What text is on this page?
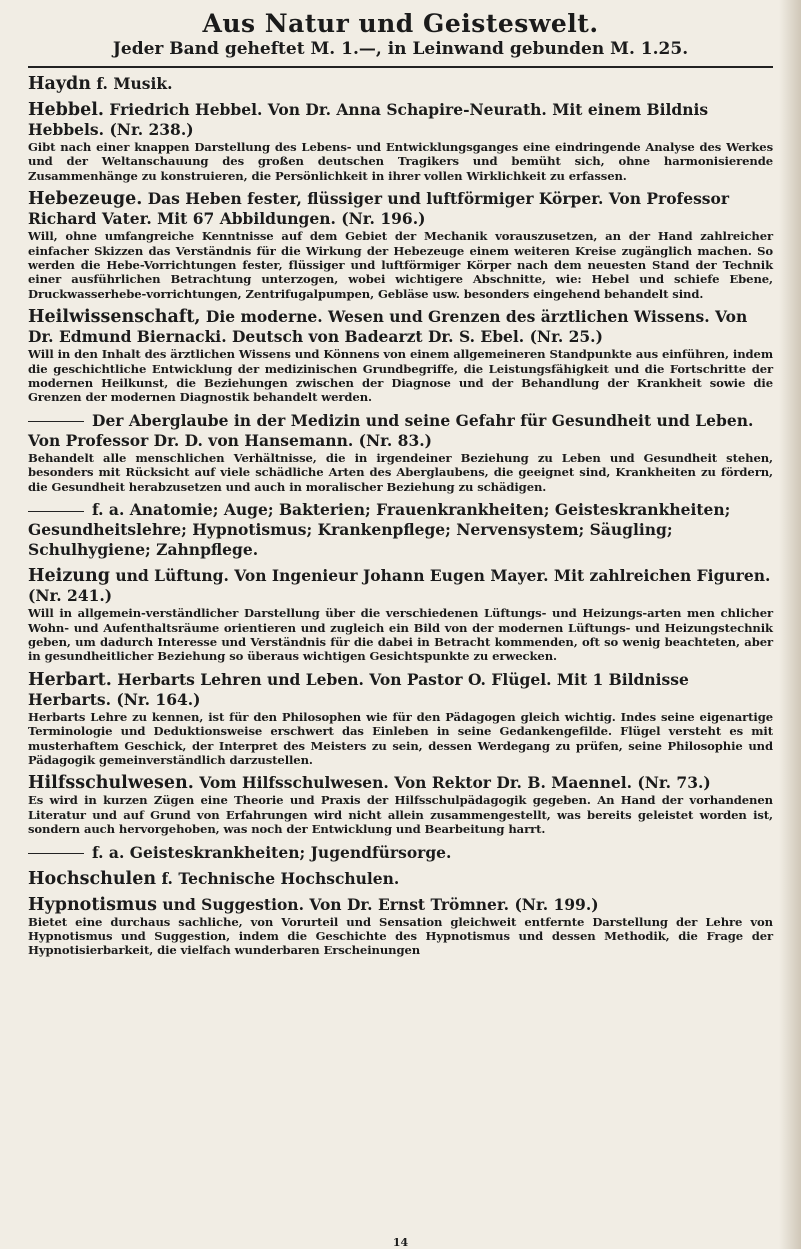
Aus Natur und Geisteswelt.
Jeder Band geheftet M. 1.—, in Leinwand gebunden M. 1.25.
Haydn f. Musik.
Hebbel. Friedrich Hebbel. Von Dr. Anna Schapire-Neurath. Mit einem Bildnis Hebbels. (Nr. 238.)
Gibt nach einer knappen Darstellung des Lebens- und Entwicklungsganges eine eindringende Analyse des Werkes und der Weltanschauung des großen deutschen Tragikers und bemüht sich, ohne harmonisierende Zusammenhänge zu konstruieren, die Persönlichkeit in ihrer vollen Wirklichkeit zu erfassen.
Hebezeuge. Das Heben fester, flüssiger und luftförmiger Körper. Von Professor Richard Vater. Mit 67 Abbildungen. (Nr. 196.)
Will, ohne umfangreiche Kenntnisse auf dem Gebiet der Mechanik vorauszusetzen, an der Hand zahlreicher einfacher Skizzen das Verständnis für die Wirkung der Hebezeuge einem weiteren Kreise zugänglich machen. So werden die Hebe-Vorrichtungen fester, flüssiger und luftförmiger Körper nach dem neuesten Stand der Technik einer ausführlichen Betrachtung unterzogen, wobei wichtigere Abschnitte, wie: Hebel und schiefe Ebene, Druckwasserhebe-vorrichtungen, Zentrifugalpumpen, Gebläse usw. besonders eingehend behandelt sind.
Heilwissenschaft, Die moderne. Wesen und Grenzen des ärztlichen Wissens. Von Dr. Edmund Biernacki. Deutsch von Badearzt Dr. S. Ebel. (Nr. 25.)
Will in den Inhalt des ärztlichen Wissens und Könnens von einem allgemeineren Standpunkte aus einführen, indem die geschichtliche Entwicklung der medizinischen Grundbegriffe, die Leistungsfähigkeit und die Fortschritte der modernen Heilkunst, die Beziehungen zwischen der Diagnose und der Behandlung der Krankheit sowie die Grenzen der modernen Diagnostik behandelt werden.
Der Aberglaube in der Medizin und seine Gefahr für Gesundheit und Leben. Von Professor Dr. D. von Hansemann. (Nr. 83.)
Behandelt alle menschlichen Verhältnisse, die in irgendeiner Beziehung zu Leben und Gesundheit stehen, besonders mit Rücksicht auf viele schädliche Arten des Aberglaubens, die geeignet sind, Krankheiten zu fördern, die Gesundheit herabzusetzen und auch in moralischer Beziehung zu schädigen.
f. a. Anatomie; Auge; Bakterien; Frauenkrankheiten; Geisteskrankheiten; Gesundheitslehre; Hypnotismus; Krankenpflege; Nervensystem; Säugling; Schulhygiene; Zahnpflege.
Heizung und Lüftung. Von Ingenieur Johann Eugen Mayer. Mit zahlreichen Figuren. (Nr. 241.)
Will in allgemein-verständlicher Darstellung über die verschiedenen Lüftungs- und Heizungs-arten men chlicher Wohn- und Aufenthaltsräume orientieren und zugleich ein Bild von der modernen Lüftungs- und Heizungstechnik geben, um dadurch Interesse und Verständnis für die dabei in Betracht kommenden, oft so wenig beachteten, aber in gesundheitlicher Beziehung so überaus wichtigen Gesichtspunkte zu erwecken.
Herbart. Herbarts Lehren und Leben. Von Pastor O. Flügel. Mit 1 Bildnisse Herbarts. (Nr. 164.)
Herbarts Lehre zu kennen, ist für den Philosophen wie für den Pädagogen gleich wichtig. Indes seine eigenartige Terminologie und Deduktionsweise erschwert das Einleben in seine Gedankengefilde. Flügel versteht es mit musterhaftem Geschick, der Interpret des Meisters zu sein, dessen Werdegang zu prüfen, seine Philosophie und Pädagogik gemeinverständlich darzustellen.
Hilfsschulwesen. Vom Hilfsschulwesen. Von Rektor Dr. B. Maennel. (Nr. 73.)
Es wird in kurzen Zügen eine Theorie und Praxis der Hilfsschulpädagogik gegeben. An Hand der vorhandenen Literatur und auf Grund von Erfahrungen wird nicht allein zusammengestellt, was bereits geleistet worden ist, sondern auch hervorgehoben, was noch der Entwicklung und Bearbeitung harrt.
f. a. Geisteskrankheiten; Jugendfürsorge.
Hochschulen f. Technische Hochschulen.
Hypnotismus und Suggestion. Von Dr. Ernst Trömner. (Nr. 199.)
Bietet eine durchaus sachliche, von Vorurteil und Sensation gleichweit entfernte Darstellung der Lehre von Hypnotismus und Suggestion, indem die Geschichte des Hypnotismus und dessen Methodik, die Frage der Hypnotisierbarkeit, die vielfach wunderbaren Erscheinungen
14
